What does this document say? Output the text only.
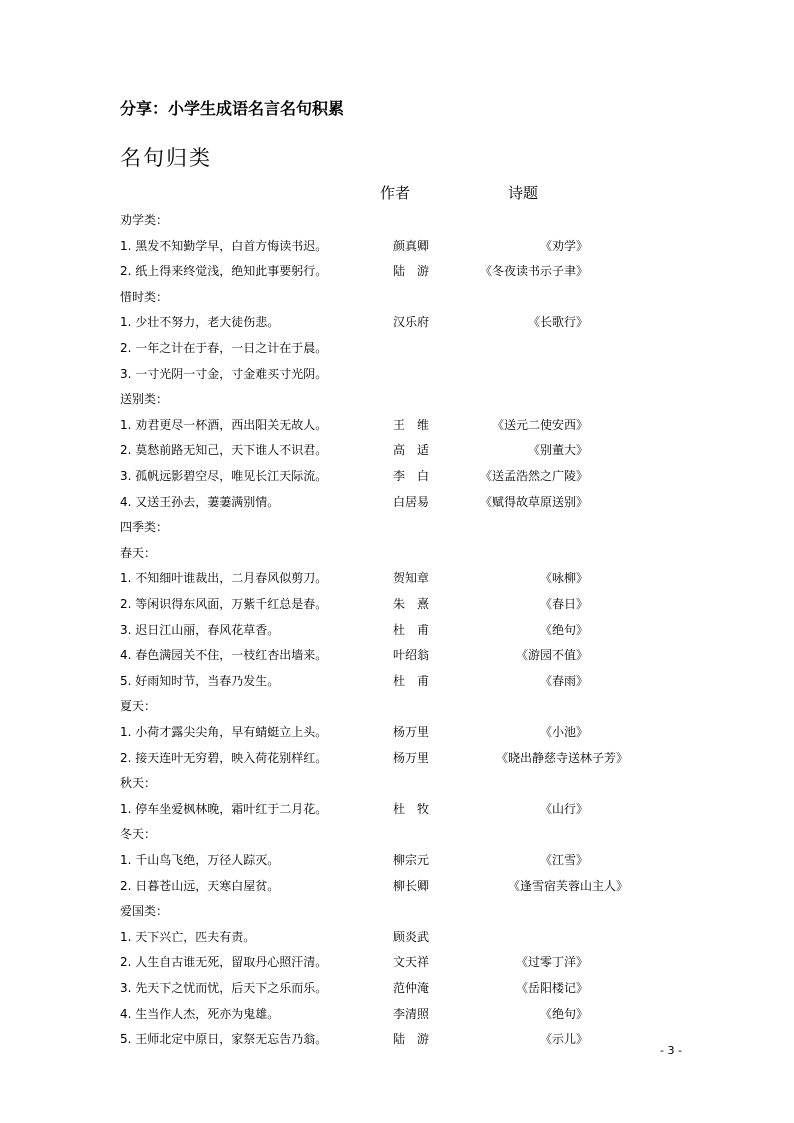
分享：小学生成语名言名句积累
名句归类
作者	诗题
劝学类：
1. 黑发不知勤学早，白首方悔读书迟。	颜真卿	《劝学》
2. 纸上得来终觉浅，绝知此事要躬行。	陆　游	《冬夜读书示子聿》
惜时类：
1. 少壮不努力，老大徒伤悲。	汉乐府	《长歌行》
2. 一年之计在于春，一日之计在于晨。
3. 一寸光阴一寸金，寸金难买寸光阴。
送别类：
1. 劝君更尽一杯酒，西出阳关无故人。	王　维	《送元二使安西》
2. 莫愁前路无知己，天下谁人不识君。	高　适	《别董大》
3. 孤帆远影碧空尽，唯见长江天际流。	李　白	《送孟浩然之广陵》
4. 又送王孙去，萋萋满别情。	白居易	《赋得故草原送别》
四季类：
春天：
1. 不知细叶谁裁出，二月春风似剪刀。	贺知章	《咏柳》
2. 等闲识得东风面，万紫千红总是春。	朱　熹	《春日》
3. 迟日江山丽，春风花草香。	杜　甫	《绝句》
4. 春色满园关不住，一枝红杏出墙来。	叶绍翁	《游园不值》
5. 好雨知时节，当春乃发生。	杜　甫	《春雨》
夏天：
1. 小荷才露尖尖角，早有蜻蜓立上头。	杨万里	《小池》
2. 接天连叶无穷碧，映入荷花别样红。	杨万里	《晓出静慈寺送林子芳》
秋天：
1. 停车坐爱枫林晚，霜叶红于二月花。	杜　牧	《山行》
冬天：
1. 千山鸟飞绝，万径人踪灭。	柳宗元	《江雪》
2. 日暮苍山远，天寒白屋贫。	柳长卿	《逢雪宿芙蓉山主人》
爱国类：
1. 天下兴亡，匹夫有责。	顾炎武
2. 人生自古谁无死，留取丹心照汗清。	文天祥	《过零丁洋》
3. 先天下之忧而忧，后天下之乐而乐。	范仲淹	《岳阳楼记》
4. 生当作人杰，死亦为鬼雄。	李清照	《绝句》
5. 王师北定中原日，家祭无忘告乃翁。	陆　游	《示儿》
- 3 -
